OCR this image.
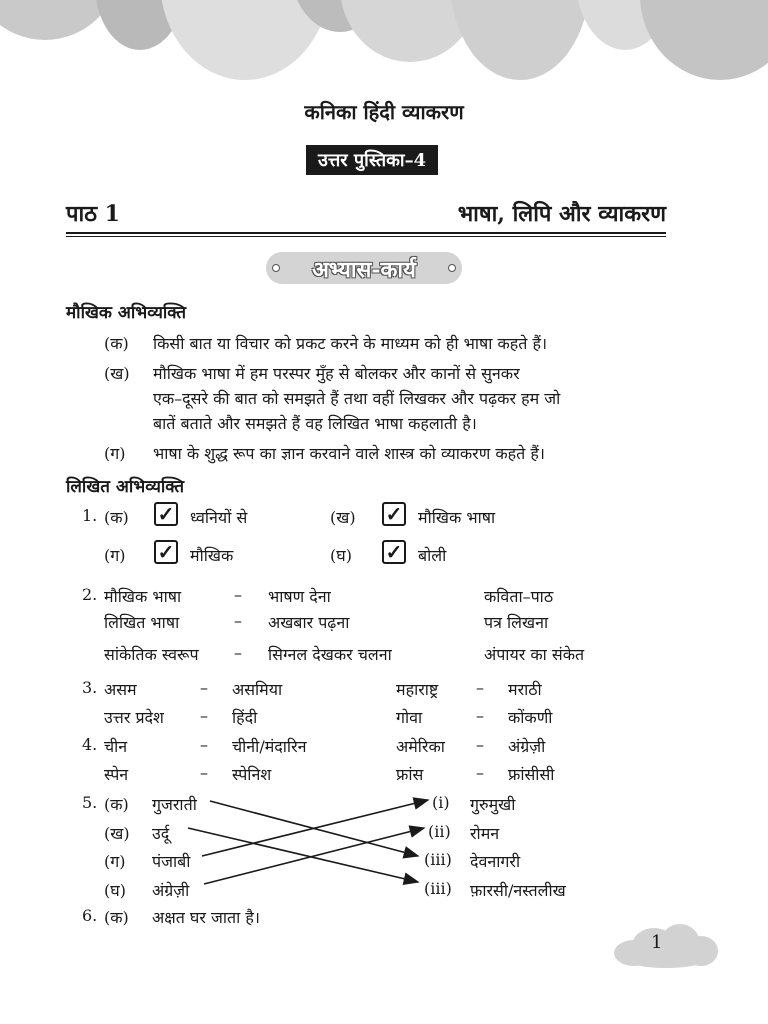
कनिका हिंदी व्याकरण
उत्तर पुस्तिका–4
पाठ 1	भाषा, लिपि और व्याकरण
अभ्यास-कार्य
मौखिक अभिव्यक्ति
(क) किसी बात या विचार को प्रकट करने के माध्यम को ही भाषा कहते हैं।
(ख) मौखिक भाषा में हम परस्पर मुँह से बोलकर और कानों से सुनकर
एक–दूसरे की बात को समझते हैं तथा वहीं लिखकर और पढ़कर हम जो
बातें बताते और समझते हैं वह लिखित भाषा कहलाती है।
(ग) भाषा के शुद्ध रूप का ज्ञान करवाने वाले शास्त्र को व्याकरण कहते हैं।
लिखित अभिव्यक्ति
1. (क) ✓ ध्वनियों से	(ख) ✓ मौखिक भाषा
(ग) ✓ मौखिक	(घ) ✓ बोली
2. मौखिक भाषा	– भाषण देना	कविता–पाठ
लिखित भाषा	– अखबार पढ़ना	पत्र लिखना
सांकेतिक स्वरूप – सिग्नल देखकर चलना	अंपायर का संकेत
3. असम	– असमिया	महाराष्ट्र – मराठी
उत्तर प्रदेश – हिंदी	गोवा	– कोंकणी
4. चीन	– चीनी/मंदारिन	अमेरिका – अंग्रेज़ी
स्पेन	– स्पेनिश	फ्रांस	– फ्रांसीसी
5. (क) गुजराती
(ख) उर्दू
(ग) पंजाबी
(घ) अंग्रेज़ी
(i) गुरुमुखी
(ii) रोमन
(iii) देवनागरी
(iii) फ़ारसी/नस्तलीख
6. (क) अक्षत घर जाता है।
1
